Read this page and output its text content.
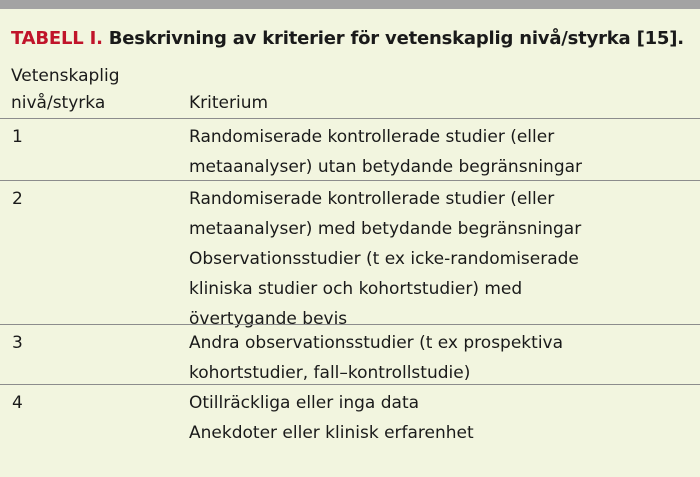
TABELL I. Beskrivning av kriterier för vetenskaplig nivå/styrka [15].
Vetenskaplig
nivå/styrka	Kriterium
1	Randomiserade kontrollerade studier (eller
metaanalyser) utan betydande begränsningar
2	Randomiserade kontrollerade studier (eller
metaanalyser) med betydande begränsningar
Observationsstudier (t ex icke-randomiserade
kliniska studier och kohortstudier) med
övertygande bevis
3	Andra observationsstudier (t ex prospektiva
kohortstudier, fall–kontrollstudie)
4	Otillräckliga eller inga data
Anekdoter eller klinisk erfarenhet
